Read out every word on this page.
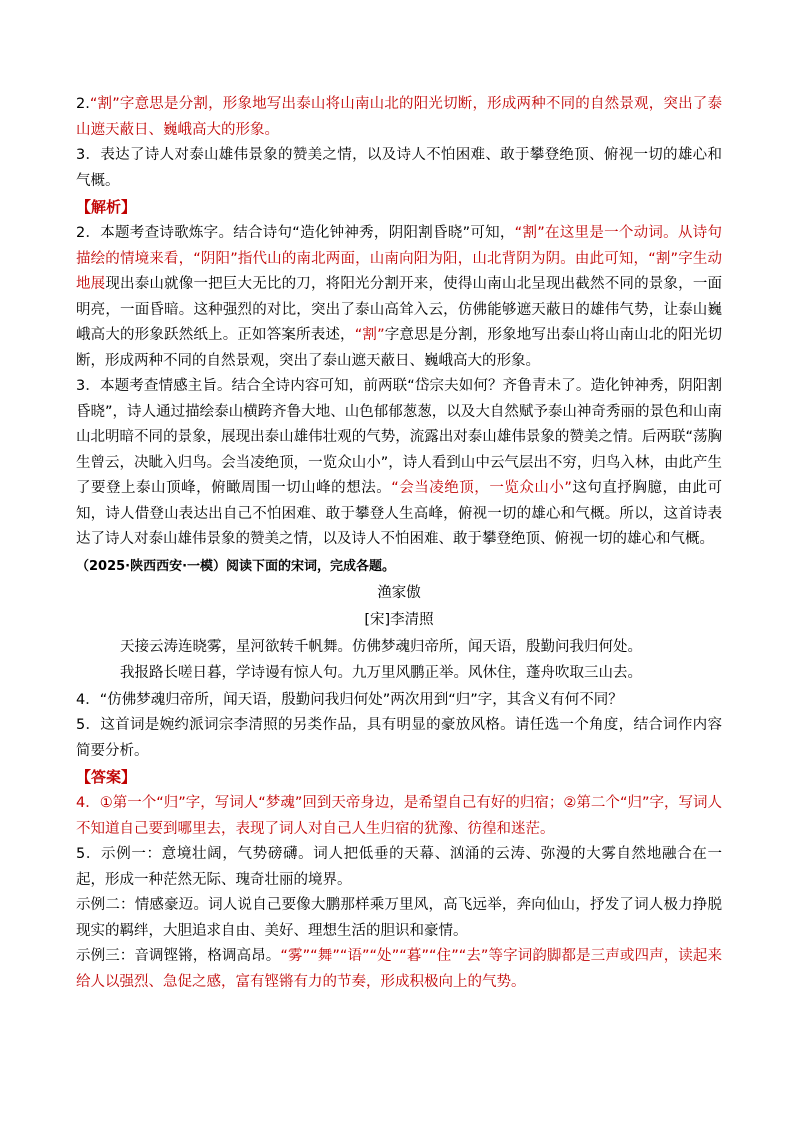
2.“割”字意思是分割，形象地写出泰山将山南山北的阳光切断，形成两种不同的自然景观，突出了泰山遮天蔽日、巍峨高大的形象。

3．表达了诗人对泰山雄伟景象的赞美之情，以及诗人不怕困难、敢于攀登绝顶、俯视一切的雄心和气概。

【解析】

2．本题考查诗歌炼字。结合诗句“造化钟神秀，阴阳割昏晓”可知，“割”在这里是一个动词。从诗句描绘的情境来看，“阴阳”指代山的南北两面，山南向阳为阳，山北背阴为阴。由此可知，“割”字生动地展现出泰山就像一把巨大无比的刀，将阳光分割开来，使得山南山北呈现出截然不同的景象，一面明亮，一面昏暗。这种强烈的对比，突出了泰山高耸入云，仿佛能够遮天蔽日的雄伟气势，让泰山巍峨高大的形象跃然纸上。正如答案所表述，“割”字意思是分割，形象地写出泰山将山南山北的阳光切断，形成两种不同的自然景观，突出了泰山遮天蔽日、巍峨高大的形象。

3．本题考查情感主旨。结合全诗内容可知，前两联“岱宗夫如何？齐鲁青未了。造化钟神秀，阴阳割昏晓”，诗人通过描绘泰山横跨齐鲁大地、山色郁郁葱葱，以及大自然赋予泰山神奇秀丽的景色和山南山北明暗不同的景象，展现出泰山雄伟壮观的气势，流露出对泰山雄伟景象的赞美之情。后两联“荡胸生曾云，决眦入归鸟。会当凌绝顶，一览众山小”，诗人看到山中云气层出不穷，归鸟入林，由此产生了要登上泰山顶峰，俯瞰周围一切山峰的想法。“会当凌绝顶，一览众山小”这句直抒胸臆，由此可知，诗人借登山表达出自己不怕困难、敢于攀登人生高峰，俯视一切的雄心和气概。所以，这首诗表达了诗人对泰山雄伟景象的赞美之情，以及诗人不怕困难、敢于攀登绝顶、俯视一切的雄心和气概。

（2025·陕西西安·一模）阅读下面的宋词，完成各题。

渔家傲

[宋]李清照

天接云涛连晓雾，星河欲转千帆舞。仿佛梦魂归帝所，闻天语，殷勤问我归何处。

我报路长嗟日暮，学诗谩有惊人句。九万里风鹏正举。风休住，蓬舟吹取三山去。

4．“仿佛梦魂归帝所，闻天语，殷勤问我归何处”两次用到“归”字，其含义有何不同？

5．这首词是婉约派词宗李清照的另类作品，具有明显的豪放风格。请任选一个角度，结合词作内容简要分析。

【答案】

4．①第一个“归”字，写词人“梦魂”回到天帝身边，是希望自己有好的归宿；②第二个“归”字，写词人不知道自己要到哪里去，表现了词人对自己人生归宿的犹豫、彷徨和迷茫。

5．示例一：意境壮阔，气势磅礴。词人把低垂的天幕、汹涌的云涛、弥漫的大雾自然地融合在一起，形成一种茫然无际、瑰奇壮丽的境界。

示例二：情感豪迈。词人说自己要像大鹏那样乘万里风，高飞远举，奔向仙山，抒发了词人极力挣脱现实的羁绊，大胆追求自由、美好、理想生活的胆识和豪情。

示例三：音调铿锵，格调高昂。“雾”“舞”“语”“处”“暮”“住”“去”等字词韵脚都是三声或四声，读起来给人以强烈、急促之感，富有铿锵有力的节奏，形成积极向上的气势。
